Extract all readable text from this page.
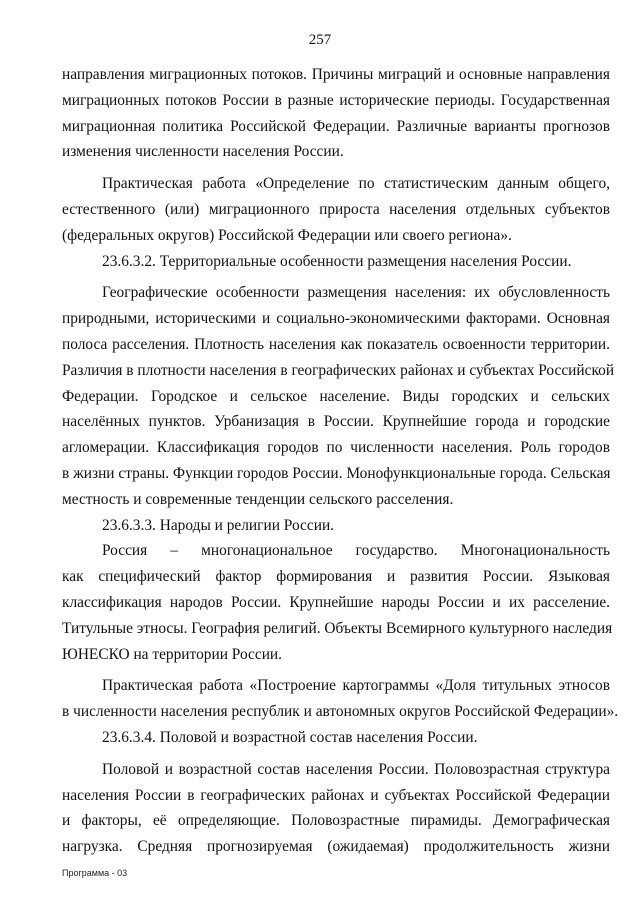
257
направления миграционных потоков. Причины миграций и основные направления
миграционных потоков России в разные исторические периоды. Государственная
миграционная политика Российской Федерации. Различные варианты прогнозов
изменения численности населения России.
Практическая работа «Определение по статистическим данным общего,
естественного (или) миграционного прироста населения отдельных субъектов
(федеральных округов) Российской Федерации или своего региона».
23.6.3.2. Территориальные особенности размещения населения России.
Географические особенности размещения населения: их обусловленность
природными, историческими и социально-экономическими факторами. Основная
полоса расселения. Плотность населения как показатель освоенности территории.
Различия в плотности населения в географических районах и субъектах Российской
Федерации. Городское и сельское население. Виды городских и сельских
населённых пунктов. Урбанизация в России. Крупнейшие города и городские
агломерации. Классификация городов по численности населения. Роль городов
в жизни страны. Функции городов России. Монофункциональные города. Сельская
местность и современные тенденции сельского расселения.
23.6.3.3. Народы и религии России.
Россия – многонациональное государство. Многонациональность
как специфический фактор формирования и развития России. Языковая
классификация народов России. Крупнейшие народы России и их расселение.
Титульные этносы. География религий. Объекты Всемирного культурного наследия
ЮНЕСКО на территории России.
Практическая работа «Построение картограммы «Доля титульных этносов
в численности населения республик и автономных округов Российской Федерации».
23.6.3.4. Половой и возрастной состав населения России.
Половой и возрастной состав населения России. Половозрастная структура
населения России в географических районах и субъектах Российской Федерации
и факторы, её определяющие. Половозрастные пирамиды. Демографическая
нагрузка. Средняя прогнозируемая (ожидаемая) продолжительность жизни
Программа - 03
